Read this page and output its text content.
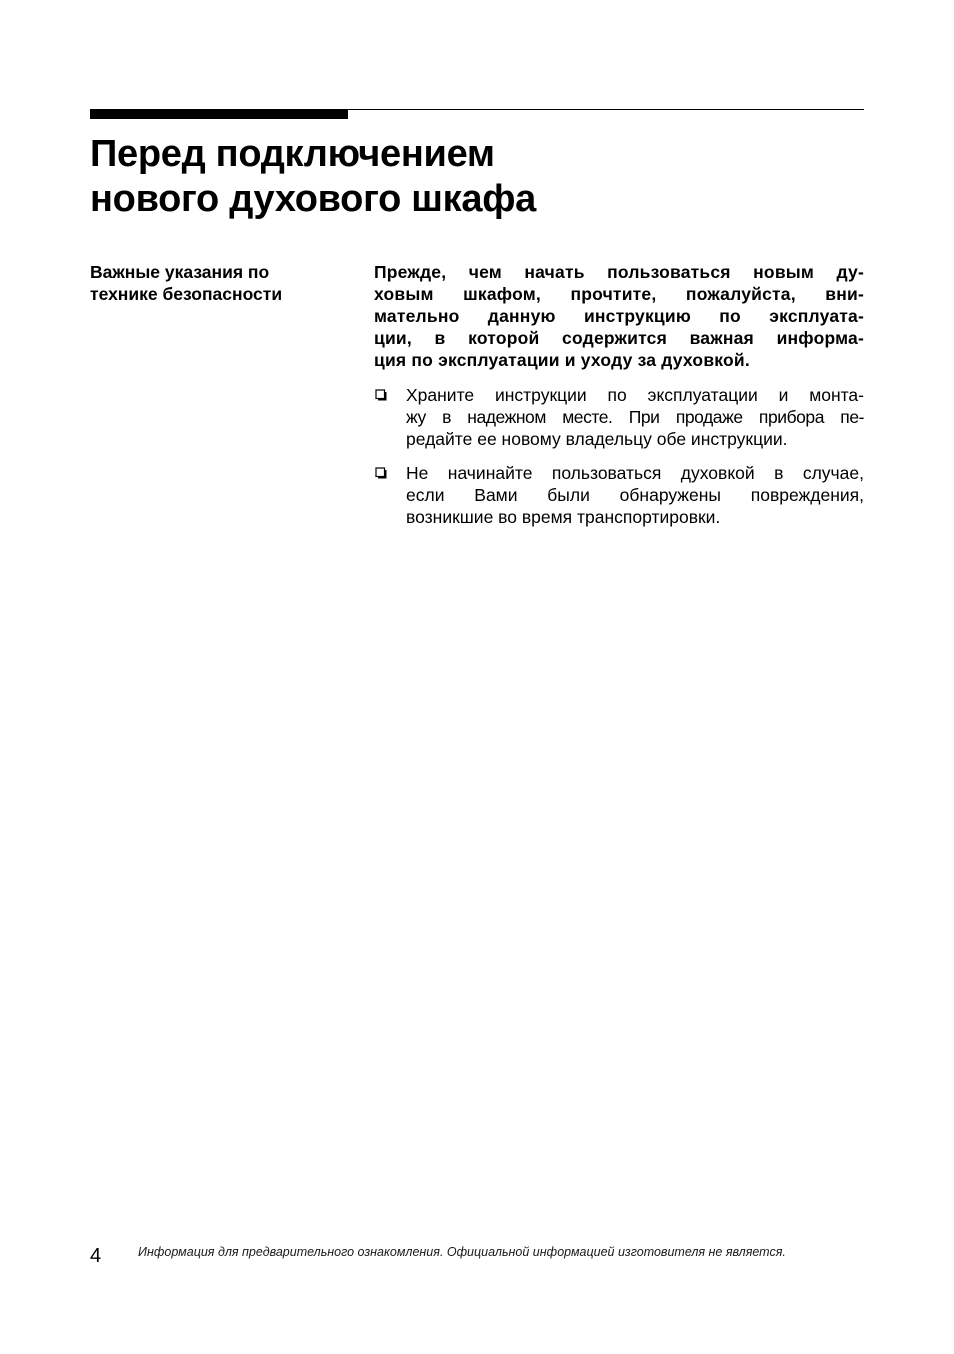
Перед подключением
нового духового шкафа
Важные указания по
технике безопасности

Прежде, чем начать пользоваться новым ду-
ховым шкафом, прочтите, пожалуйста, вни-
мательно данную инструкцию по эксплуата-
ции, в которой содержится важная информа-
ция по эксплуатации и уходу за духовкой.

Храните инструкции по эксплуатации и монта-
жу в надежном месте. При продаже прибора пе-
редайте ее новому владельцу обе инструкции.
Не начинайте пользоваться духовкой в случае,
если Вами были обнаружены повреждения,
возникшие во время транспортировки.
4	Информация для предварительного ознакомления. Официальной информацией изготовителя не является.
